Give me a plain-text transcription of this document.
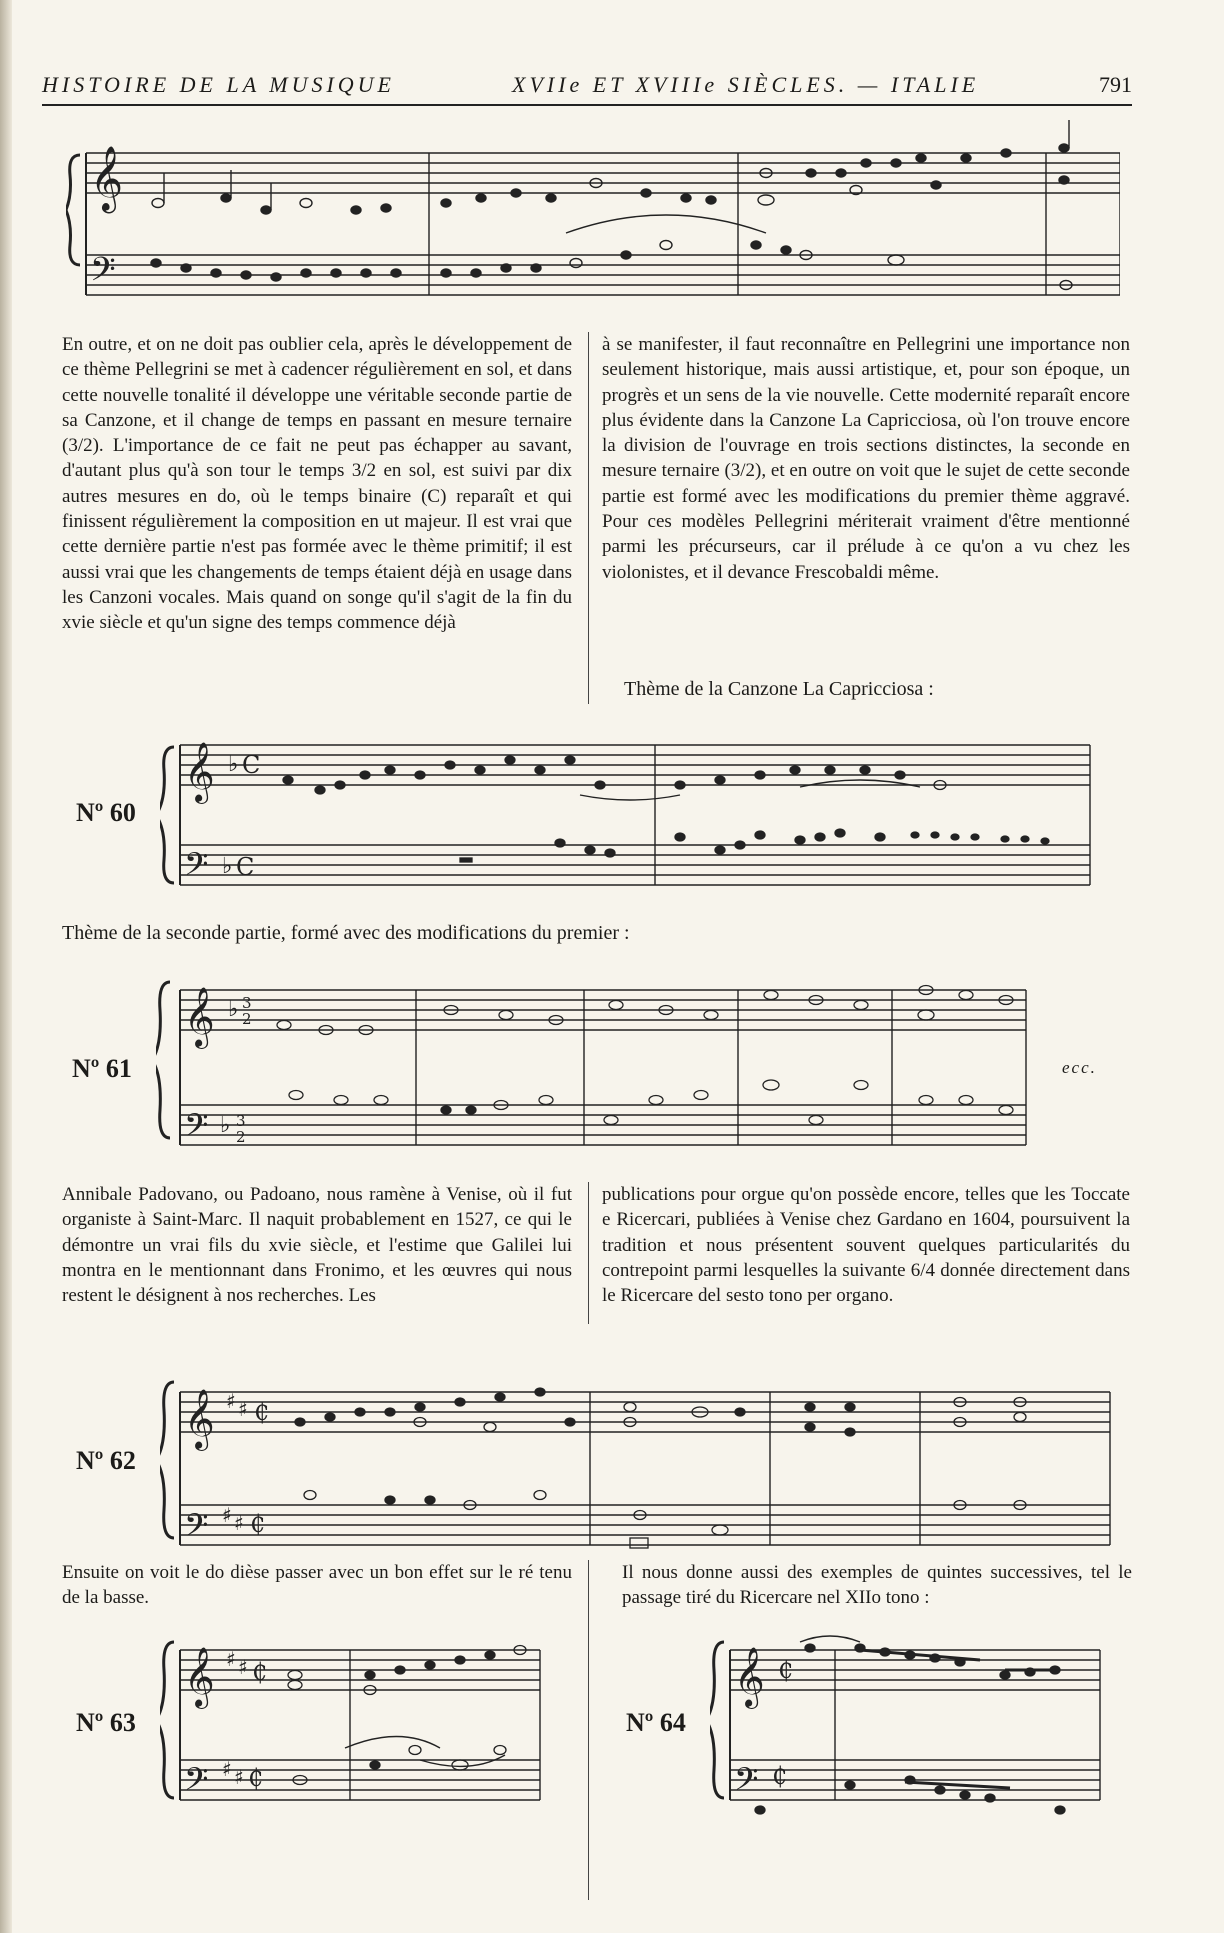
HISTOIRE DE LA MUSIQUE	XVIIe ET XVIIIe SIÈCLES. — ITALIE	791
𝄞
𝄢

En outre, et on ne doit pas oublier cela, après le développement de ce thème Pellegrini se met à cadencer régulièrement en sol, et dans cette nouvelle tonalité il développe une véritable seconde partie de sa Canzone, et il change de temps en passant en mesure ternaire (3/2). L'importance de ce fait ne peut pas échapper au savant, d'autant plus qu'à son tour le temps 3/2 en sol, est suivi par dix autres mesures en do, où le temps binaire (C) reparaît et qui finissent régulièrement la composition en ut majeur. Il est vrai que cette dernière partie n'est pas formée avec le thème primitif; il est aussi vrai que les changements de temps étaient déjà en usage dans les Canzoni vocales. Mais quand on songe qu'il s'agit de la fin du xvie siècle et qu'un signe des temps commence déjà

à se manifester, il faut reconnaître en Pellegrini une importance non seulement historique, mais aussi artistique, et, pour son époque, un progrès et un sens de la vie nouvelle. Cette modernité reparaît encore plus évidente dans la Canzone La Capricciosa, où l'on trouve encore la division de l'ouvrage en trois sections distinctes, la seconde en mesure ternaire (3/2), et en outre on voit que le sujet de cette seconde partie est formé avec les modifications du premier thème aggravé. Pour ces modèles Pellegrini mériterait vraiment d'être mentionné parmi les précurseurs, car il prélude à ce qu'on a vu chez les violonistes, et il devance Frescobaldi même.

Thème de la Canzone La Capricciosa :
Nº 60
𝄞 ♭ C
𝄢 ♭ C
Thème de la seconde partie, formé avec des modifications du premier :
Nº 61
𝄞 ♭ 3
2
𝄢 ♭ 3
2
ecc.

Annibale Padovano, ou Padoano, nous ramène à Venise, où il fut organiste à Saint-Marc. Il naquit probablement en 1527, ce qui le démontre un vrai fils du xvie siècle, et l'estime que Galilei lui montra en le mentionnant dans Fronimo, et les œuvres qui nous restent le désignent à nos recherches. Les

publications pour orgue qu'on possède encore, telles que les Toccate e Ricercari, publiées à Venise chez Gardano en 1604, poursuivent la tradition et nous présentent souvent quelques particularités du contrepoint parmi lesquelles la suivante 6/4 donnée directement dans le Ricercare del sesto tono per organo.

Nº 62
𝄞 ♯ ♯ ₵
𝄢 ♯ ♯ ₵

Ensuite on voit le do dièse passer avec un bon effet sur le ré tenu de la basse.

Il nous donne aussi des exemples de quintes successives, tel le passage tiré du Ricercare nel XIIo tono :

Nº 63
𝄞 ♯ ♯ ₵
𝄢 ♯ ♯ ₵
Nº 64
𝄞 ₵
𝄢 ₵
